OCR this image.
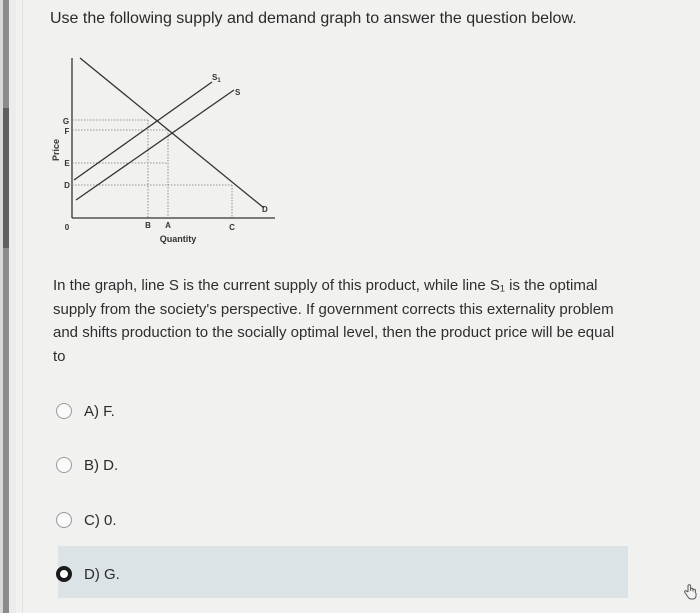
Use the following supply and demand graph to answer the question below.
Price
G
F
E
D
0	B A	C
Quantity
$S_1$
S
D
In the graph, line S is the current supply of this product, while line S₁ is the optimal supply from the society's perspective. If government corrects this externality problem and shifts production to the socially optimal level, then the product price will be equal to
A) F.
B) D.
C) 0.
D) G.
